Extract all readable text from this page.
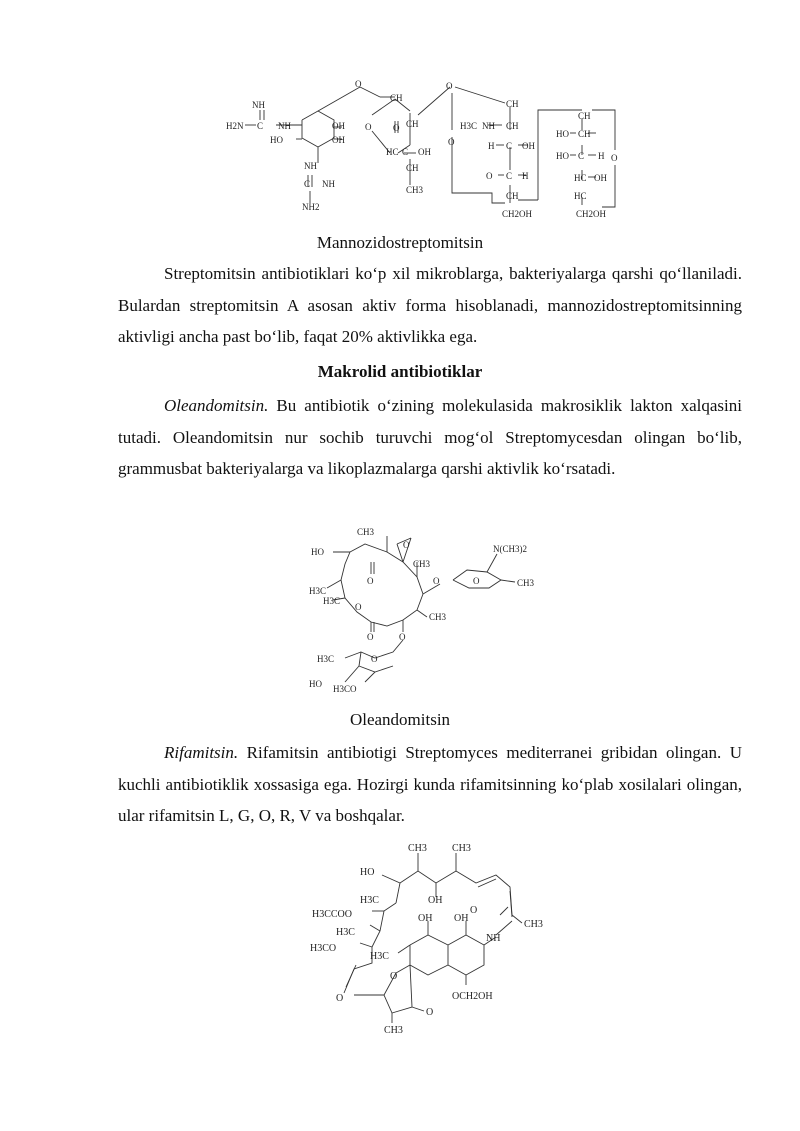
NH
H2N C NH
HO
OH
OH
NH
C NH
NH2
O
CH
O O CH
HC C OH
CH
CH3
O
CH
O
H3C NH CH
H C OH
O C H
CH
CH2OH
CH
HO CH
HO C H O
HC OH
HC
CH2OH
Mannozidostreptomitsin

Streptomitsin antibiotiklari ko‘p xil mikroblarga, bakteriyalarga qarshi qo‘llaniladi. Bulardan streptomitsin A asosan aktiv forma hisoblanadi, mannozidostreptomitsinning aktivligi ancha past bo‘lib, faqat 20% aktivlikka ega.

Makrolid antibiotiklar

Oleandomitsin. Bu antibiotik o‘zining molekulasida makrosiklik lakton xalqasini tutadi. Oleandomitsin nur sochib turuvchi mog‘ol Streptomycesdan olingan bo‘lib, grammusbat bakteriyalarga va likoplazmalarga qarshi aktivlik ko‘rsatadi.

CH3
HO
O
CH3
O
N(CH3)2
O	O	CH3
H3C
H3C
CH3
O
O	O
H3C	O
HO H3CO
Oleandomitsin

Rifamitsin. Rifamitsin antibiotigi Streptomyces mediterranei gribidan olingan. U kuchli antibiotiklik xossasiga ega. Hozirgi kunda rifamitsinning ko‘plab xosilalari olingan, ular rifamitsin L, G, O, R, V va boshqalar.

CH3	CH3
HO
OH
H3C
H3CCOO	OH OH
O
CH3
H3C
NH
H3CO
H3C
O
O	OCH2OH
O
CH3
